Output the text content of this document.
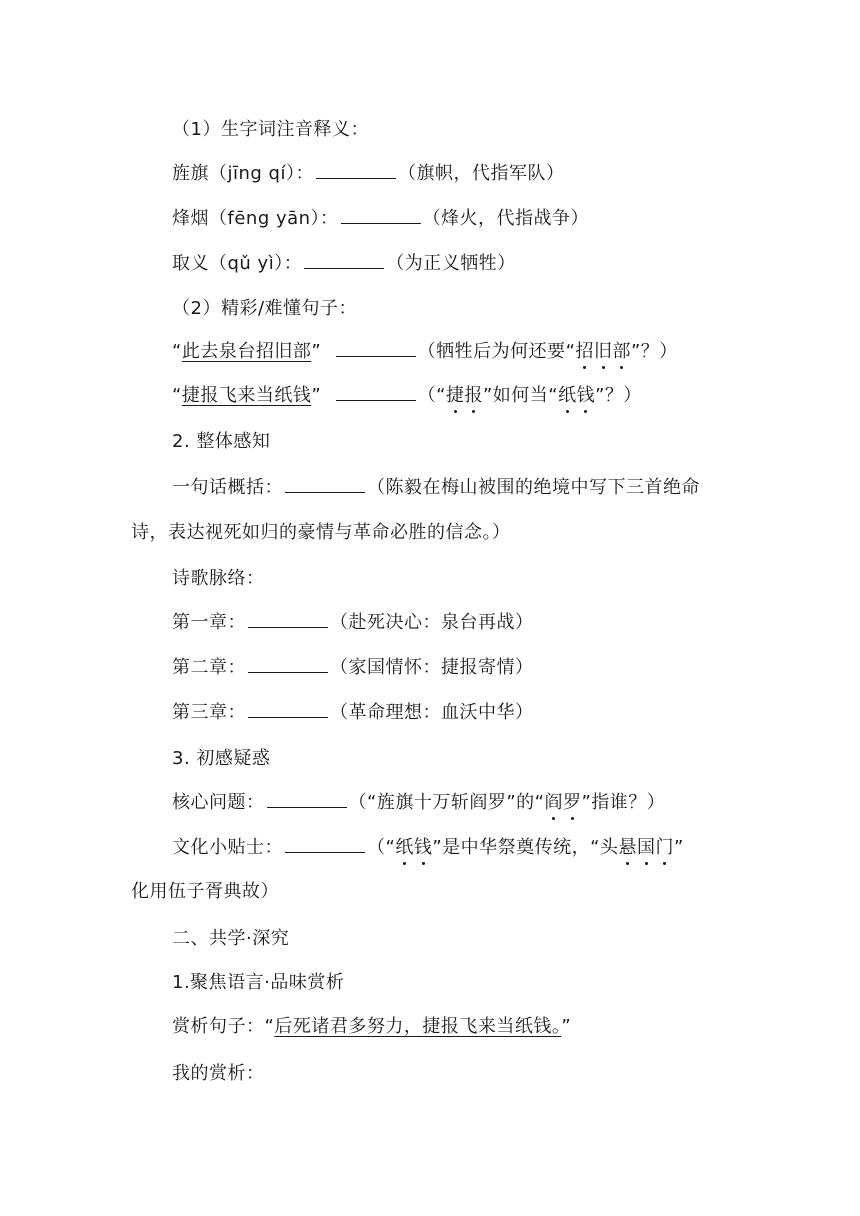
（1）生字词注音释义：
旌旗（jīng qí）：	（旗帜，代指军队）
烽烟（fēng yān）：	（烽火，代指战争）
取义（qǔ yì）：	（为正义牺牲）
（2）精彩/难懂句子：
“此去泉台招旧部”	（牺牲后为何还要“招旧部”？）
“捷报飞来当纸钱”	（“捷报”如何当“纸钱”？）
2. 整体感知
一句话概括：	（陈毅在梅山被围的绝境中写下三首绝命
诗，表达视死如归的豪情与革命必胜的信念。）
诗歌脉络：
第一章：	（赴死决心：泉台再战）
第二章：	（家国情怀：捷报寄情）
第三章：	（革命理想：血沃中华）
3. 初感疑惑
核心问题：	（“旌旗十万斩阎罗”的“阎罗”指谁？）
文化小贴士：	（“纸钱”是中华祭奠传统，“头悬国门”
化用伍子胥典故）
二、共学·深究
1.聚焦语言·品味赏析
赏析句子：“后死诸君多努力，捷报飞来当纸钱。”
我的赏析：
